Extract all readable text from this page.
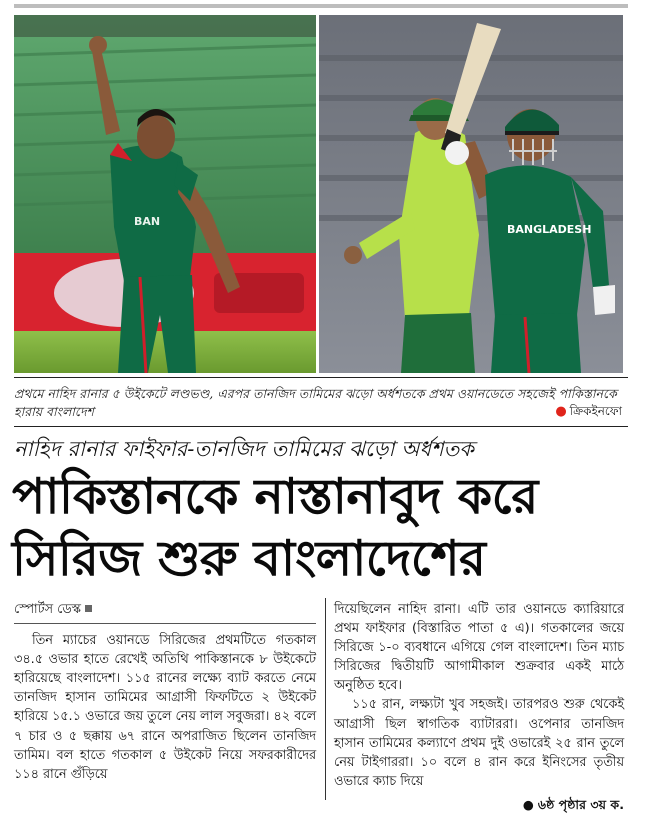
BAN
BANGLADESH
প্রথমে নাহিদ রানার ৫ উইকেটে লণ্ডভণ্ড, এরপর তানজিদ তামিমের ঝড়ো অর্ধশতকে প্রথম ওয়ানডেতে সহজেই পাকিস্তানকে হারায় বাংলাদেশ	● ক্রিকইনফো
নাহিদ রানার ফাইফার-তানজিদ তামিমের ঝড়ো অর্ধশতক
পাকিস্তানকে নাস্তানাবুদ করে
সিরিজ শুরু বাংলাদেশের
স্পোর্টস ডেস্ক

তিন ম্যাচের ওয়ানডে সিরিজের প্রথমটিতে গতকাল ৩৪.৫ ওভার হাতে রেখেই অতিথি পাকিস্তানকে ৮ উইকেটে হারিয়েছে বাংলাদেশ। ১১৫ রানের লক্ষ্যে ব্যাট করতে নেমে তানজিদ হাসান তামিমের আগ্রাসী ফিফটিতে ২ উইকেট হারিয়ে ১৫.১ ওভারে জয় তুলে নেয় লাল সবুজরা। ৪২ বলে ৭ চার ও ৫ ছক্কায় ৬৭ রানে অপরাজিত ছিলেন তানজিদ তামিম। বল হাতে গতকাল ৫ উইকেট নিয়ে সফরকারীদের ১১৪ রানে গুঁড়িয়ে

দিয়েছিলেন নাহিদ রানা। এটি তার ওয়ানডে ক্যারিয়ারে প্রথম ফাইফার (বিস্তারিত পাতা ৫ এ)। গতকালের জয়ে সিরিজে ১-০ ব্যবধানে এগিয়ে গেল বাংলাদেশ। তিন ম্যাচ সিরিজের দ্বিতীয়টি আগামীকাল শুক্রবার একই মাঠে অনুষ্ঠিত হবে।

১১৫ রান, লক্ষ্যটা খুব সহজই। তারপরও শুরু থেকেই আগ্রাসী ছিল স্বাগতিক ব্যাটাররা। ওপেনার তানজিদ হাসান তামিমের কল্যাণে প্রথম দুই ওভারেই ২৫ রান তুলে নেয় টাইগাররা। ১০ বলে ৪ রান করে ইনিংসের তৃতীয় ওভারে ক্যাচ দিয়ে

● ৬ষ্ঠ পৃষ্ঠার ৩য় ক.
